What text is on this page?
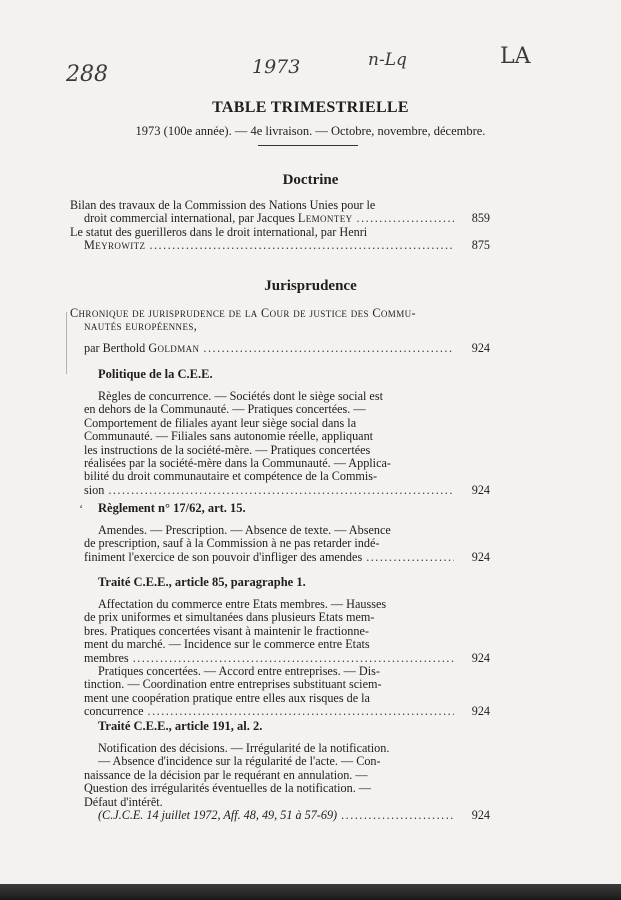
288	1973	n-Lq	LA
TABLE TRIMESTRIELLE
1973 (100e année). — 4e livraison. — Octobre, novembre, décembre.
Doctrine
Bilan des travaux de la Commission des Nations Unies pour le
droit commercial international, par Jacques
Lemontey .....	859
Le statut des guerilleros dans le droit international, par Henri
Meyrowitz .....	875
Jurisprudence
Chronique de jurisprudence de la Cour de justice des Commu-
nautés européennes,
par Berthold
Goldman .....	924
Politique de la C.E.E.
Règles de concurrence. — Sociétés dont le siège social est
en dehors de la Communauté. — Pratiques concertées. —
Comportement de filiales ayant leur siège social dans la
Communauté. — Filiales sans autonomie réelle, appliquant
les instructions de la société-mère. — Pratiques concertées
réalisées par la société-mère dans la Communauté. — Applica-
bilité du droit communautaire et compétence de la Commis-
sion .....	924
‘ Règlement n° 17/62, art. 15.
Amendes. — Prescription. — Absence de texte. — Absence
de prescription, sauf à la Commission à ne pas retarder indé-
finiment l'exercice de son pouvoir d'infliger des amendes .....	924
Traité C.E.E., article 85, paragraphe 1.
Affectation du commerce entre Etats membres. — Hausses
de prix uniformes et simultanées dans plusieurs Etats mem-
bres. Pratiques concertées visant à maintenir le fractionne-
ment du marché. — Incidence sur le commerce entre Etats
membres .....	924
Pratiques concertées. — Accord entre entreprises. — Dis-
tinction. — Coordination entre entreprises substituant sciem-
ment une coopération pratique entre elles aux risques de la
concurrence .....	924
Traité C.E.E., article 191, al. 2.
Notification des décisions. — Irrégularité de la notification.
— Absence d'incidence sur la régularité de l'acte. — Con-
naissance de la décision par le requérant en annulation. —
Question des irrégularités éventuelles de la notification. —
Défaut d'intérêt.
(C.J.C.E. 14 juillet 1972, Aff. 48, 49, 51 à 57-69) .....	924
